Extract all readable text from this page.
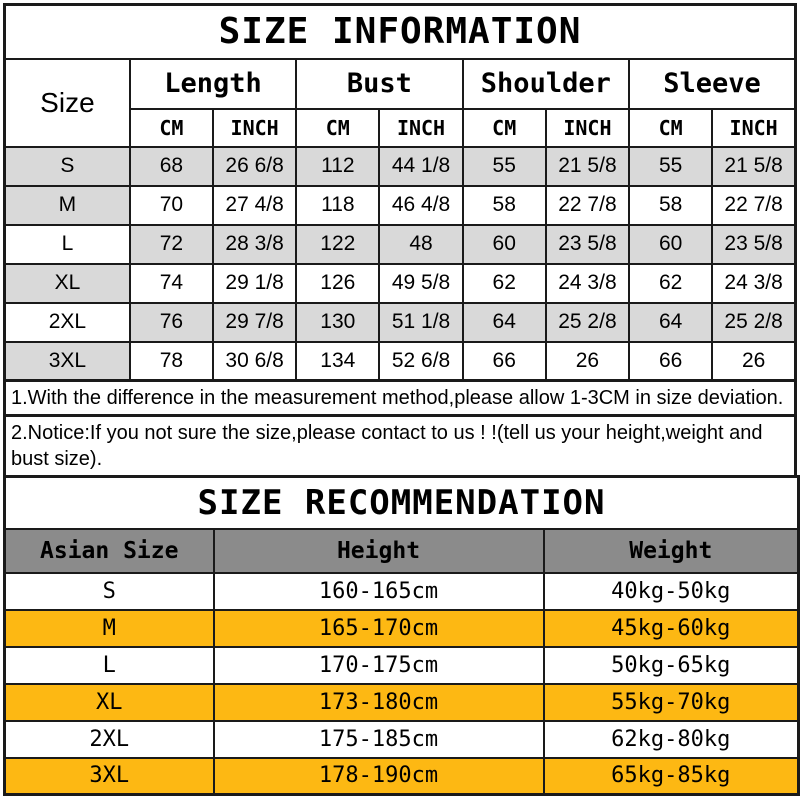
SIZE INFORMATION								
Size	Length		Bust		Shoulder		Sleeve	
	CM	INCH	CM	INCH	CM	INCH	CM	INCH
S	68	26 6/8	112	44 1/8	55	21 5/8	55	21 5/8
M	70	27 4/8	118	46 4/8	58	22 7/8	58	22 7/8
L	72	28 3/8	122	48	60	23 5/8	60	23 5/8
XL	74	29 1/8	126	49 5/8	62	24 3/8	62	24 3/8
2XL	76	29 7/8	130	51 1/8	64	25 2/8	64	25 2/8
3XL	78	30 6/8	134	52 6/8	66	26	66	26
1.With the difference in the measurement method,please allow 1-3CM in size deviation.
2.Notice:If you not sure the size,please contact to us ! !(tell us your height,weight and bust size).
SIZE RECOMMENDATION		
Asian Size	Height	Weight
S	160-165cm	40kg-50kg
M	165-170cm	45kg-60kg
L	170-175cm	50kg-65kg
XL	173-180cm	55kg-70kg
2XL	175-185cm	62kg-80kg
3XL	178-190cm	65kg-85kg
